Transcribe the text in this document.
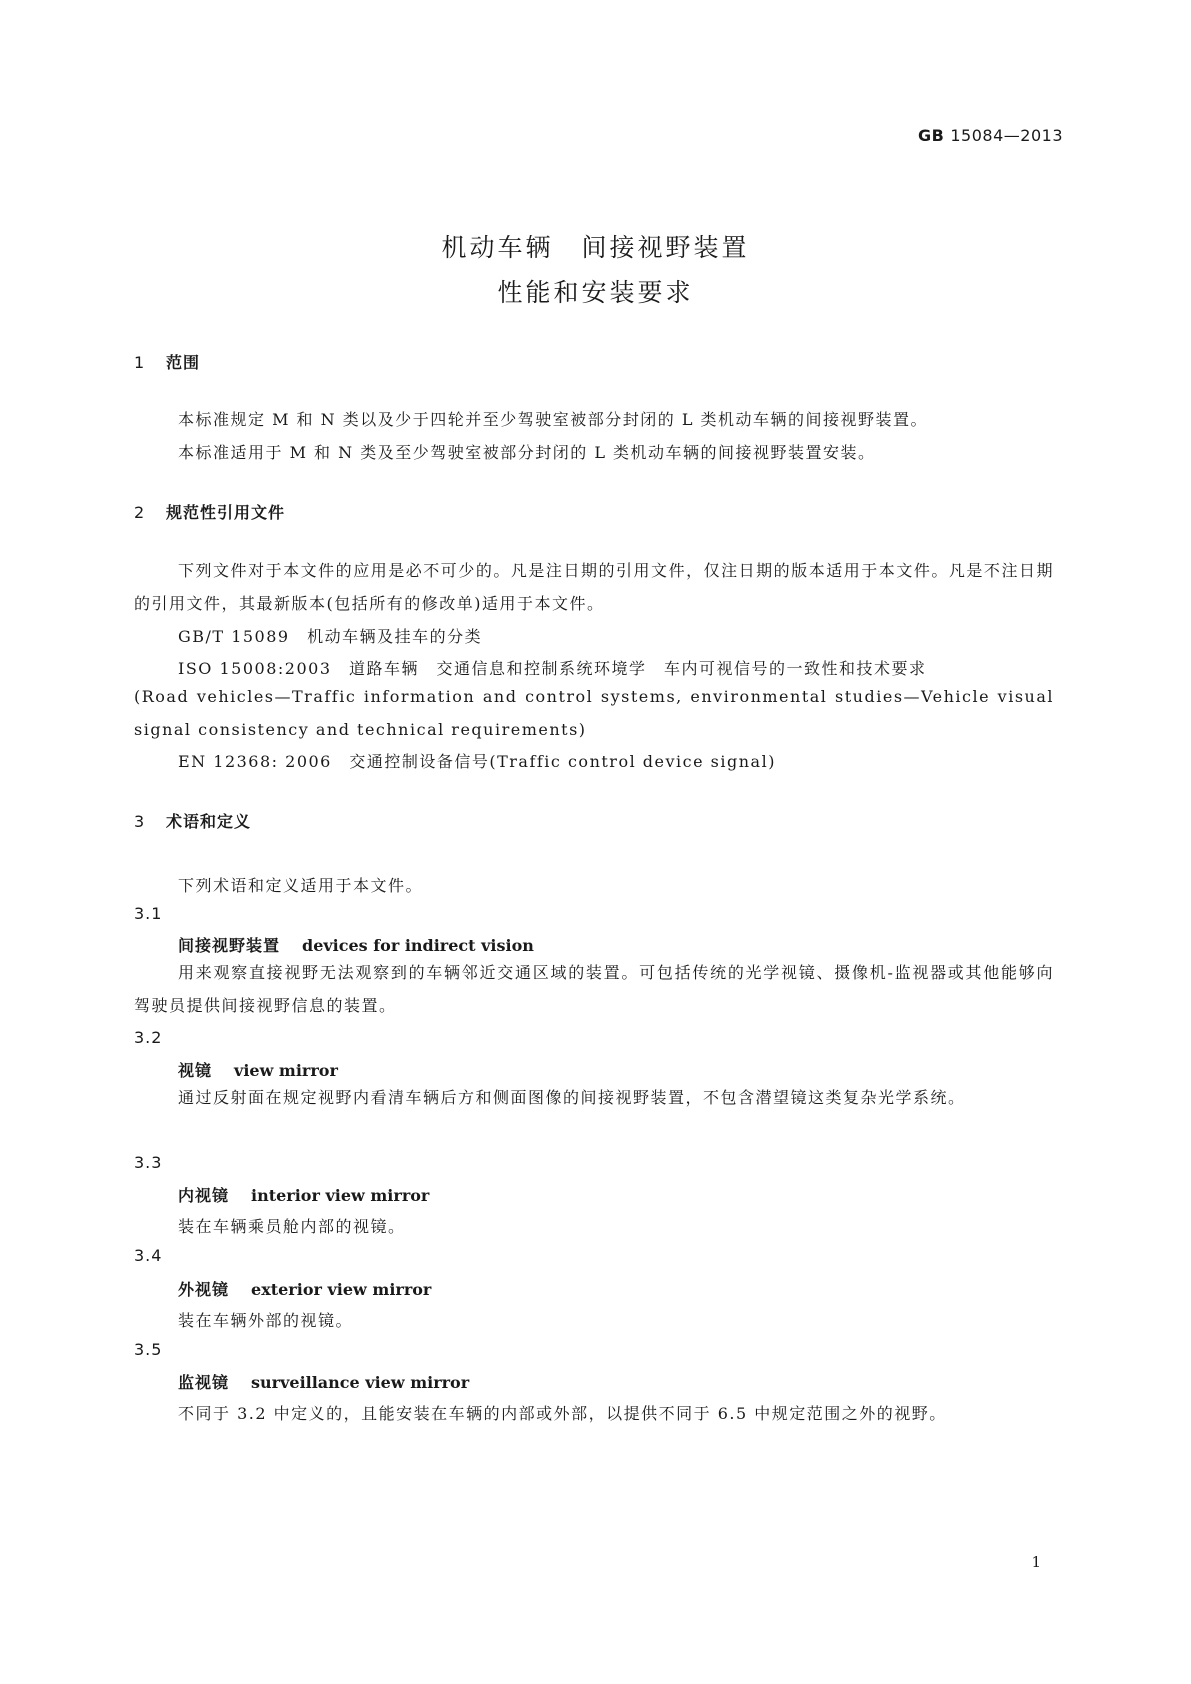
GB 15084—2013
机动车辆 间接视野装置
性能和安装要求
1 范围
本标准规定 M 和 N 类以及少于四轮并至少驾驶室被部分封闭的 L 类机动车辆的间接视野装置。
本标准适用于 M 和 N 类及至少驾驶室被部分封闭的 L 类机动车辆的间接视野装置安装。
2 规范性引用文件
下列文件对于本文件的应用是必不可少的。凡是注日期的引用文件，仅注日期的版本适用于本文件。凡是不注日期的引用文件，其最新版本(包括所有的修改单)适用于本文件。
GB/T 15089　机动车辆及挂车的分类
ISO 15008:2003　道路车辆　交通信息和控制系统环境学　车内可视信号的一致性和技术要求
(Road vehicles—Traffic information and control systems, environmental studies—Vehicle visual signal consistency and technical requirements)
EN 12368: 2006　交通控制设备信号(Traffic control device signal)
3 术语和定义
下列术语和定义适用于本文件。
3.1
间接视野装置 devices for indirect vision
用来观察直接视野无法观察到的车辆邻近交通区域的装置。可包括传统的光学视镜、摄像机-监视器或其他能够向驾驶员提供间接视野信息的装置。
3.2
视镜 view mirror
通过反射面在规定视野内看清车辆后方和侧面图像的间接视野装置，不包含潜望镜这类复杂光学系统。
3.3
内视镜 interior view mirror
装在车辆乘员舱内部的视镜。
3.4
外视镜 exterior view mirror
装在车辆外部的视镜。
3.5
监视镜 surveillance view mirror
不同于 3.2 中定义的，且能安装在车辆的内部或外部，以提供不同于 6.5 中规定范围之外的视野。
1
